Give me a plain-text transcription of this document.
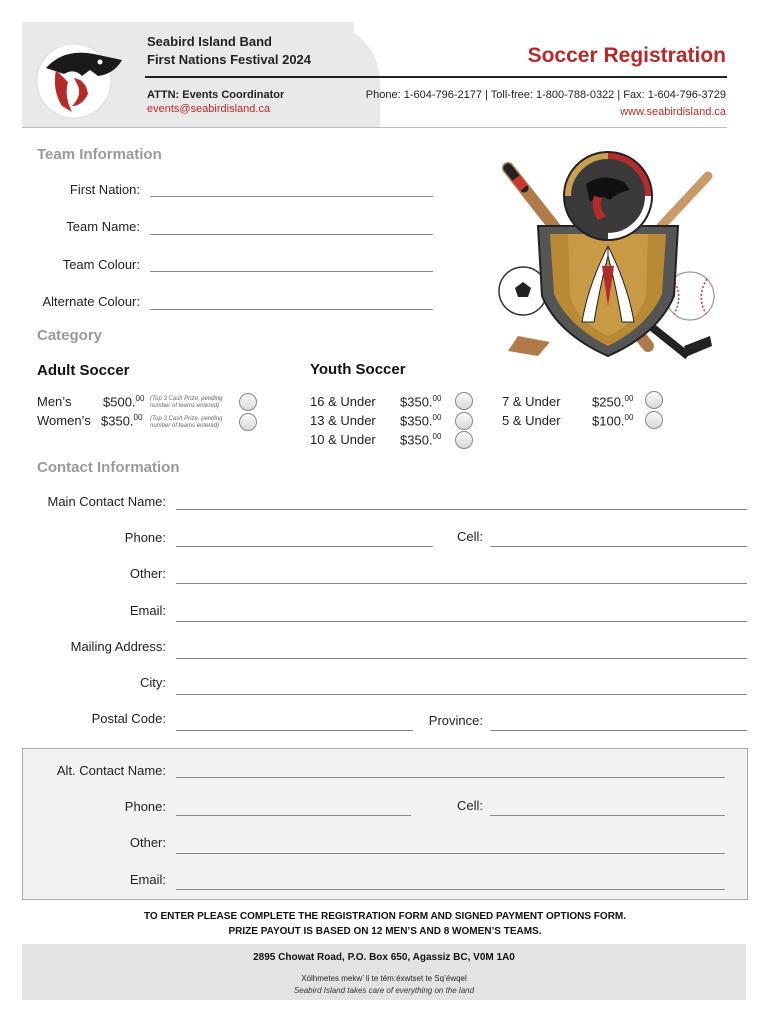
Seabird Island Band
First Nations Festival 2024	Soccer Registration
ATTN: Events Coordinator
events@seabirdisland.ca
Phone: 1-604-796-2177 | Toll-free: 1-800-788-0322 | Fax: 1-604-796-3729
www.seabirdisland.ca
Team Information
First Nation:
Team Name:
Team Colour:
Alternate Colour:
Category
Adult Soccer	Youth Soccer
Men’s $500.00 (Top 3 Cash Prize, pending number of teams entered)
Women’s $350.00 (Top 3 Cash Prize, pending number of teams entered)
16 & Under $350.00
13 & Under $350.00
10 & Under $350.00
7 & Under $250.00
5 & Under $100.00
Contact Information
Main Contact Name:
Phone:	Cell:
Other:
Email:
Mailing Address:
City:
Postal Code:	Province:
Alt. Contact Name:
Phone:	Cell:
Other:
Email:
TO ENTER PLEASE COMPLETE THE REGISTRATION FORM AND SIGNED PAYMENT OPTIONS FORM.
PRIZE PAYOUT IS BASED ON 12 MEN’S AND 8 WOMEN’S TEAMS.
2895 Chowat Road, P.O. Box 650, Agassiz BC, V0M 1A0
Xólhmetes mekw’ li te tém:éxwtset te Sq’éwqel
Seabird Island takes care of everything on the land
